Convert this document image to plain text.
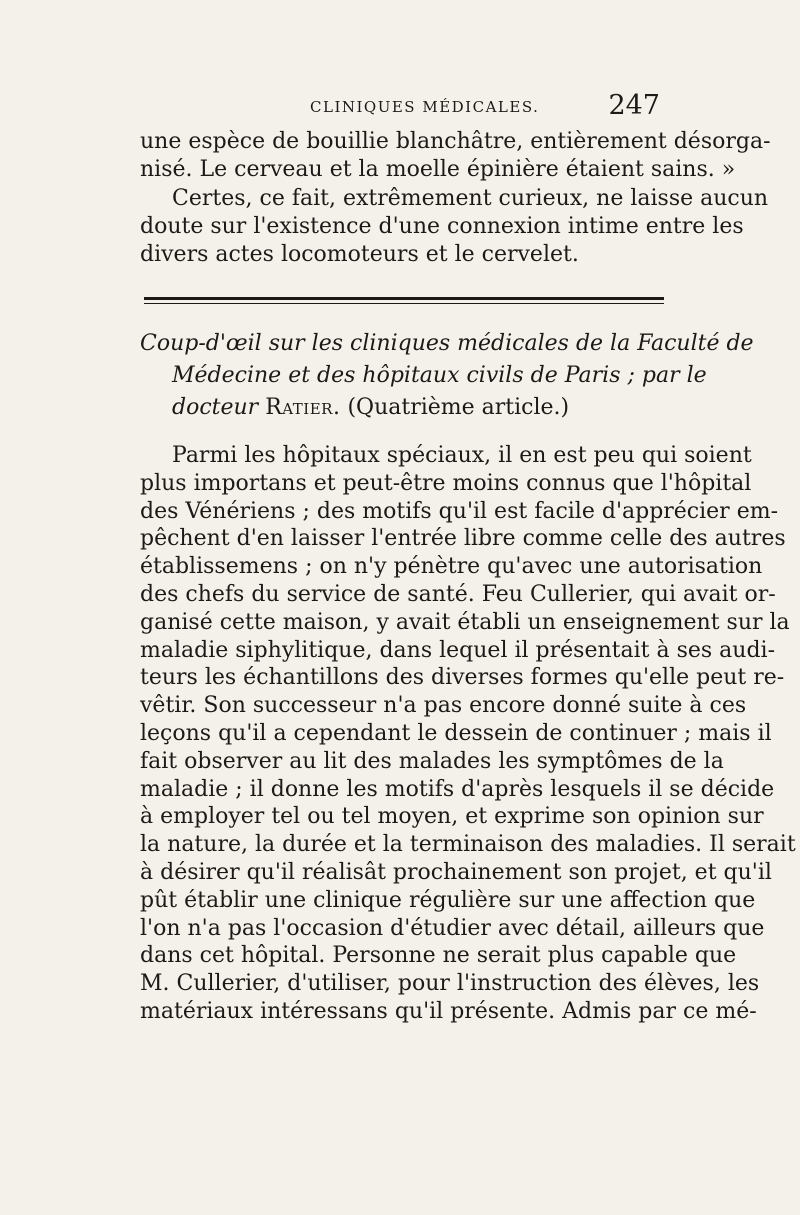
CLINIQUES MÉDICALES.	247
une espèce de bouillie blanchâtre, entièrement désorga-
nisé. Le cerveau et la moelle épinière étaient sains. »
Certes, ce fait, extrêmement curieux, ne laisse aucun
doute sur l'existence d'une connexion intime entre les
divers actes locomoteurs et le cervelet.
Coup-d'œil sur les cliniques médicales de la Faculté de
Médecine et des hôpitaux civils de Paris ; par le
docteur Ratier. (Quatrième article.)
Parmi les hôpitaux spéciaux, il en est peu qui soient
plus importans et peut-être moins connus que l'hôpital
des Vénériens ; des motifs qu'il est facile d'apprécier em-
pêchent d'en laisser l'entrée libre comme celle des autres
établissemens ; on n'y pénètre qu'avec une autorisation
des chefs du service de santé. Feu Cullerier, qui avait or-
ganisé cette maison, y avait établi un enseignement sur la
maladie siphylitique, dans lequel il présentait à ses audi-
teurs les échantillons des diverses formes qu'elle peut re-
vêtir. Son successeur n'a pas encore donné suite à ces
leçons qu'il a cependant le dessein de continuer ; mais il
fait observer au lit des malades les symptômes de la
maladie ; il donne les motifs d'après lesquels il se décide
à employer tel ou tel moyen, et exprime son opinion sur
la nature, la durée et la terminaison des maladies. Il serait
à désirer qu'il réalisât prochainement son projet, et qu'il
pût établir une clinique régulière sur une affection que
l'on n'a pas l'occasion d'étudier avec détail, ailleurs que
dans cet hôpital. Personne ne serait plus capable que
M. Cullerier, d'utiliser, pour l'instruction des élèves, les
matériaux intéressans qu'il présente. Admis par ce mé-
